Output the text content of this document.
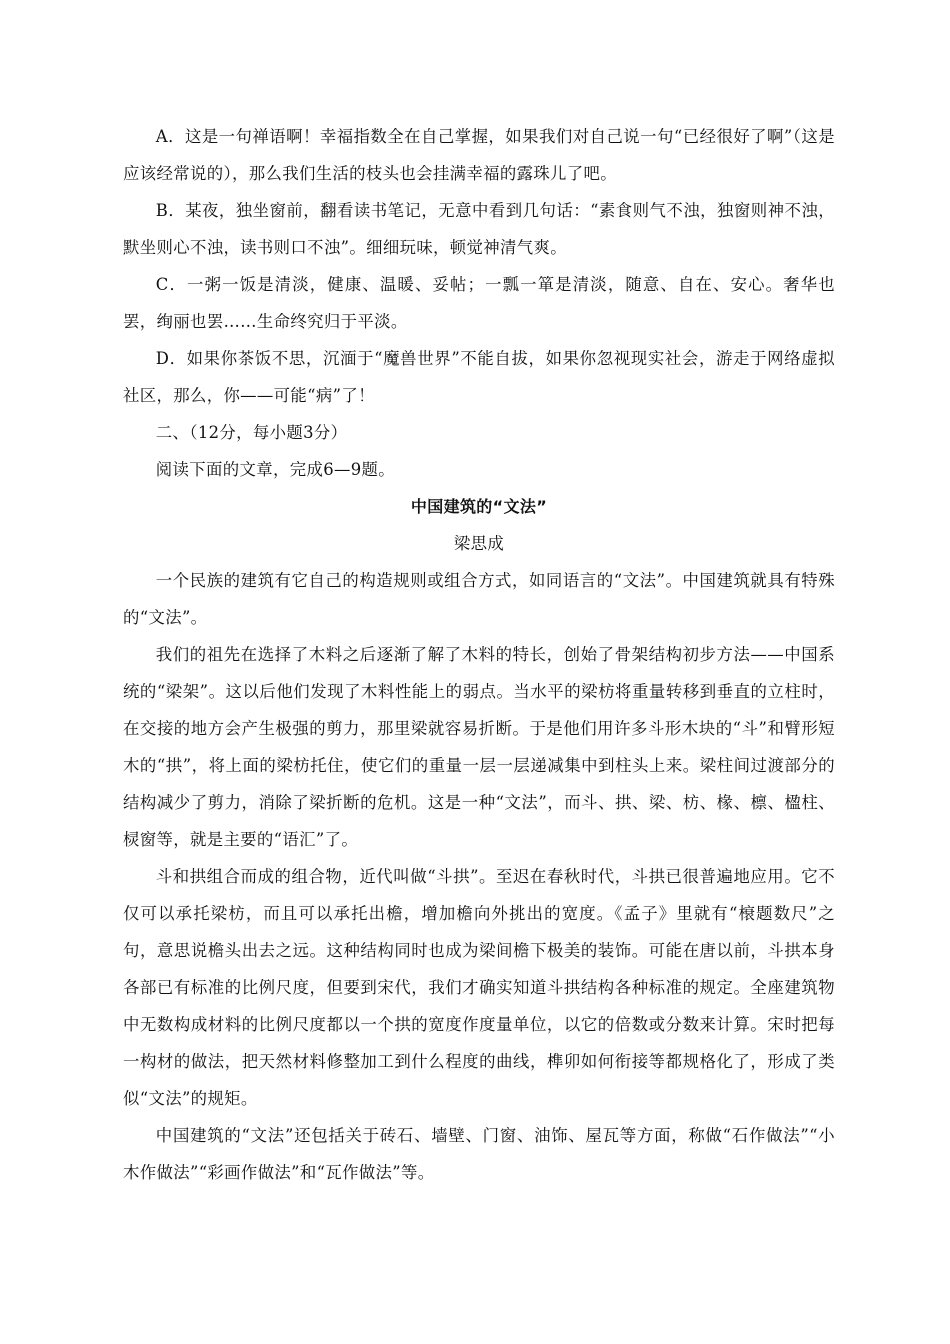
A．这是一句禅语啊！幸福指数全在自己掌握，如果我们对自己说一句“已经很好了啊”（这是应该经常说的），那么我们生活的枝头也会挂满幸福的露珠儿了吧。

B．某夜，独坐窗前，翻看读书笔记，无意中看到几句话：“素食则气不浊，独窗则神不浊，默坐则心不浊，读书则口不浊”。细细玩味，顿觉神清气爽。

C．一粥一饭是清淡，健康、温暖、妥帖；一瓢一箪是清淡，随意、自在、安心。奢华也罢，绚丽也罢……生命终究归于平淡。

D．如果你茶饭不思，沉湎于“魔兽世界”不能自拔，如果你忽视现实社会，游走于网络虚拟社区，那么，你——可能“病”了！

二、（12分，每小题3分）

阅读下面的文章，完成6—9题。

中国建筑的“文法”

梁思成

一个民族的建筑有它自己的构造规则或组合方式，如同语言的“文法”。中国建筑就具有特殊的“文法”。

我们的祖先在选择了木料之后逐渐了解了木料的特长，创始了骨架结构初步方法——中国系统的“梁架”。这以后他们发现了木料性能上的弱点。当水平的梁枋将重量转移到垂直的立柱时，在交接的地方会产生极强的剪力，那里梁就容易折断。于是他们用许多斗形木块的“斗”和臂形短木的“拱”，将上面的梁枋托住，使它们的重量一层一层递减集中到柱头上来。梁柱间过渡部分的结构减少了剪力，消除了梁折断的危机。这是一种“文法”，而斗、拱、梁、枋、椽、檩、楹柱、棂窗等，就是主要的“语汇”了。

斗和拱组合而成的组合物，近代叫做“斗拱”。至迟在春秋时代，斗拱已很普遍地应用。它不仅可以承托梁枋，而且可以承托出檐，增加檐向外挑出的宽度。《孟子》里就有“榱题数尺”之句，意思说檐头出去之远。这种结构同时也成为梁间檐下极美的装饰。可能在唐以前，斗拱本身各部已有标准的比例尺度，但要到宋代，我们才确实知道斗拱结构各种标准的规定。全座建筑物中无数构成材料的比例尺度都以一个拱的宽度作度量单位，以它的倍数或分数来计算。宋时把每一构材的做法，把天然材料修整加工到什么程度的曲线，榫卯如何衔接等都规格化了，形成了类似“文法”的规矩。

中国建筑的“文法”还包括关于砖石、墙壁、门窗、油饰、屋瓦等方面，称做“石作做法”“小木作做法”“彩画作做法”和“瓦作做法”等。
